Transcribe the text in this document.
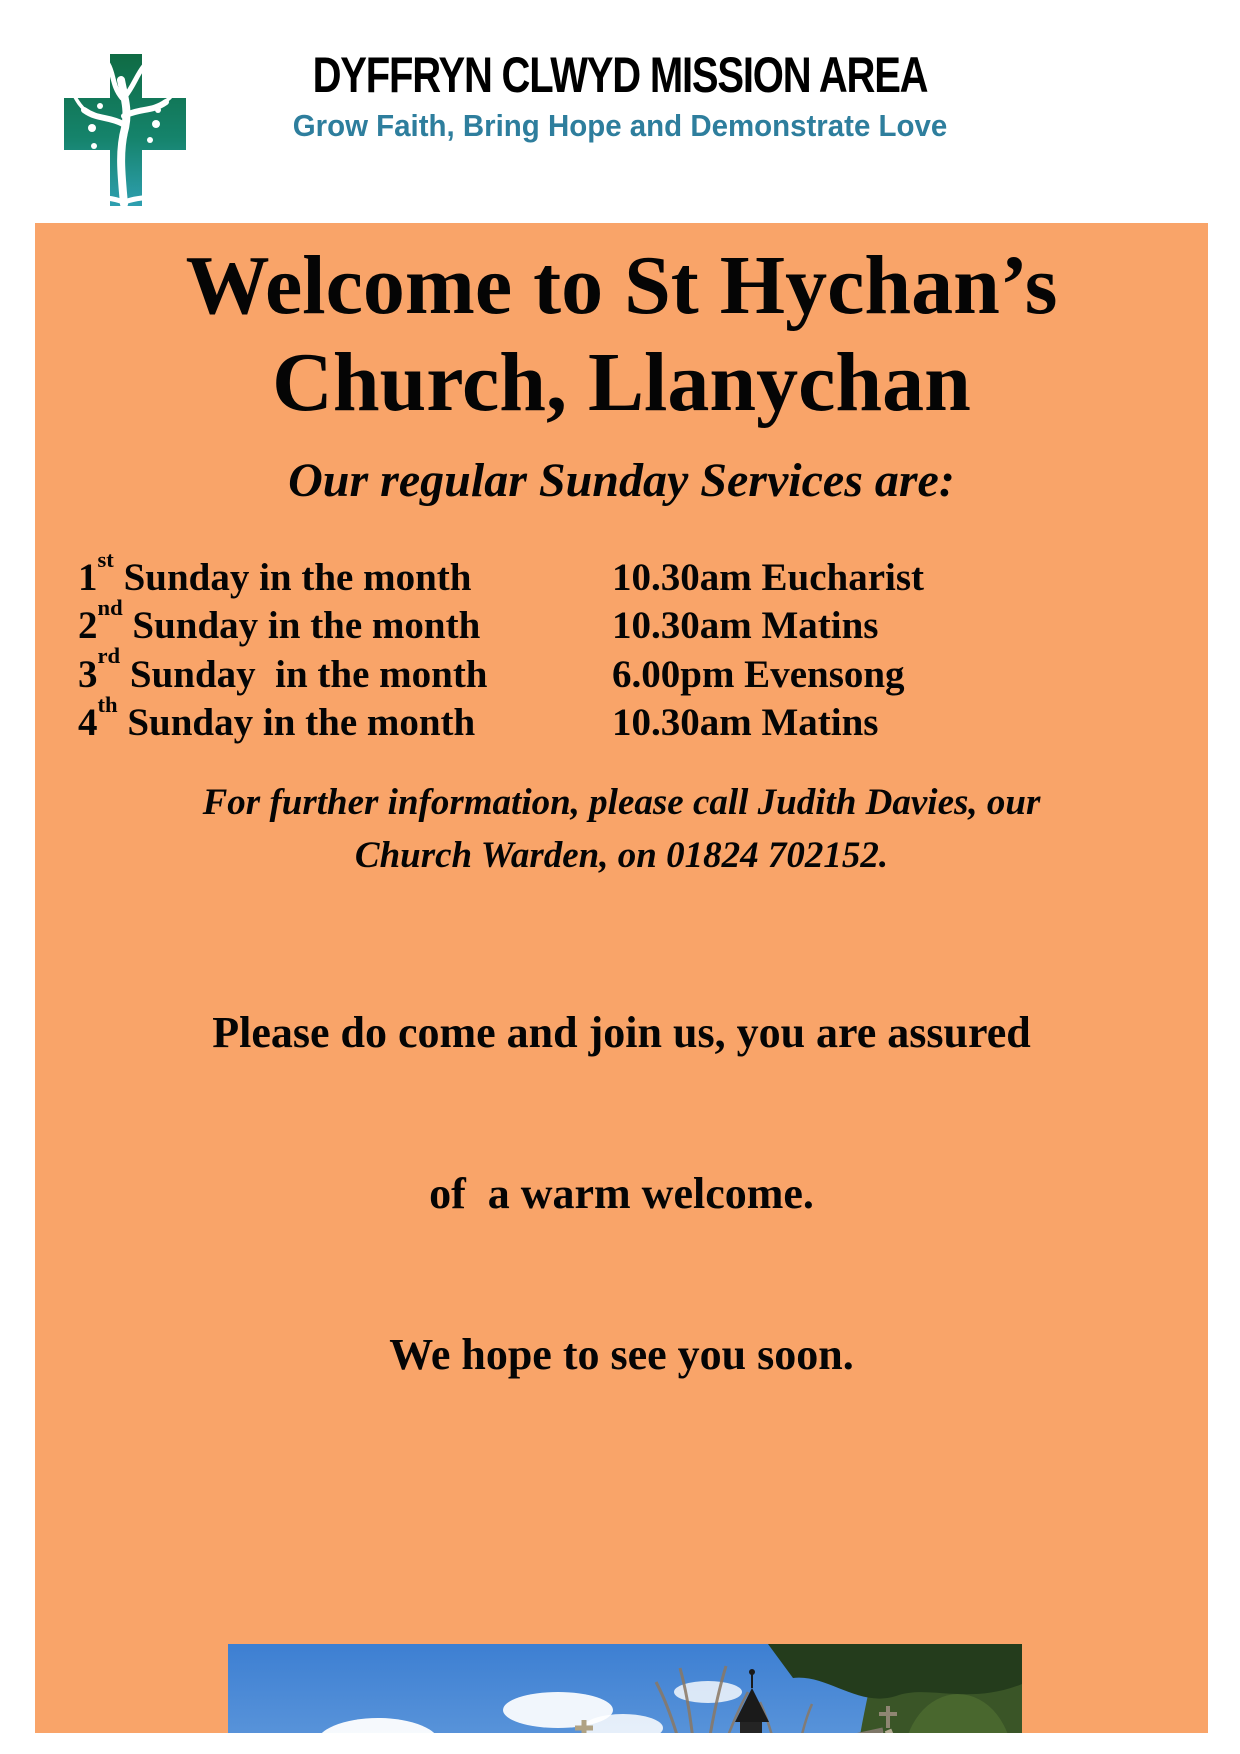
DYFFRYN CLWYD MISSION AREA
Grow Faith, Bring Hope and Demonstrate Love
Welcome to St Hychan’s
Church, Llanychan
Our regular Sunday Services are:
1st Sunday in the month	10.30am Eucharist
2nd Sunday in the month	10.30am Matins
3rd Sunday  in the month	6.00pm Evensong
4th Sunday in the month	10.30am Matins
For further information, please call Judith Davies, our
Church Warden, on 01824 702152.

Please do come and join us, you are assured

of  a warm welcome.

We hope to see you soon.
